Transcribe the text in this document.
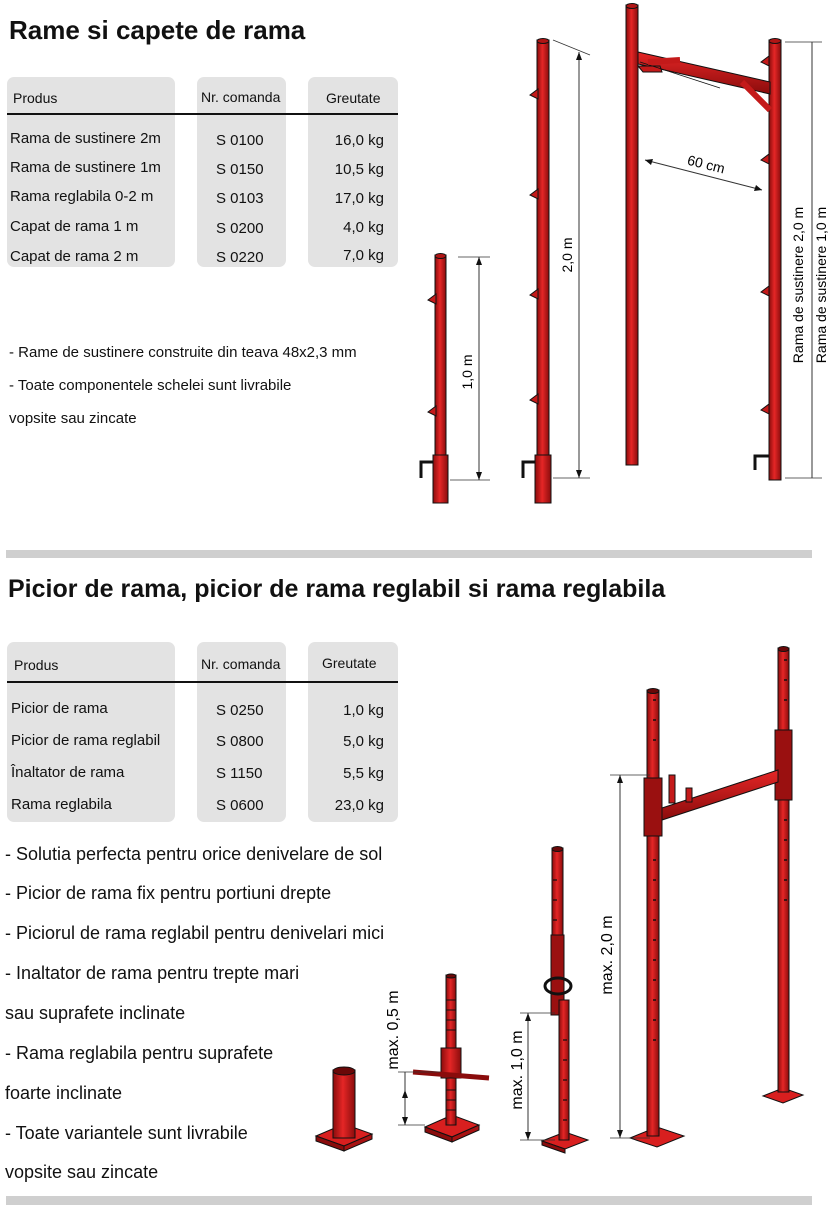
Rame si capete de rama
Produs	Nr. comanda	Greutate
Rama de sustinere 2m	S 0100	16,0 kg
Rama de sustinere 1m	S 0150	10,5 kg
Rama reglabila 0-2 m	S 0103	17,0 kg
Capat de rama 1 m	S 0200	4,0 kg
Capat de rama 2 m	S 0220	7,0 kg
- Rame de sustinere construite din teava 48x2,3 mm
- Toate componentele schelei sunt livrabile
vopsite sau zincate
1,0 m
2,0 m
60 cm
Rama de sustinere 2,0 m Rama de sustinere 1,0 m
Picior de rama, picior de rama reglabil si rama reglabila
Produs	Nr. comanda	Greutate
Picior de rama	S 0250	1,0 kg
Picior de rama reglabil	S 0800	5,0 kg
Înaltator de rama	S 1150	5,5 kg
Rama reglabila	S 0600	23,0 kg
- Solutia perfecta pentru orice denivelare de sol
- Picior de rama fix pentru portiuni drepte
- Piciorul de rama reglabil pentru denivelari mici
- Inaltator de rama pentru trepte mari
sau suprafete inclinate
- Rama reglabila pentru suprafete
foarte inclinate
- Toate variantele sunt livrabile
vopsite sau zincate
max. 0,5 m
max. 1,0 m
max. 2,0 m
